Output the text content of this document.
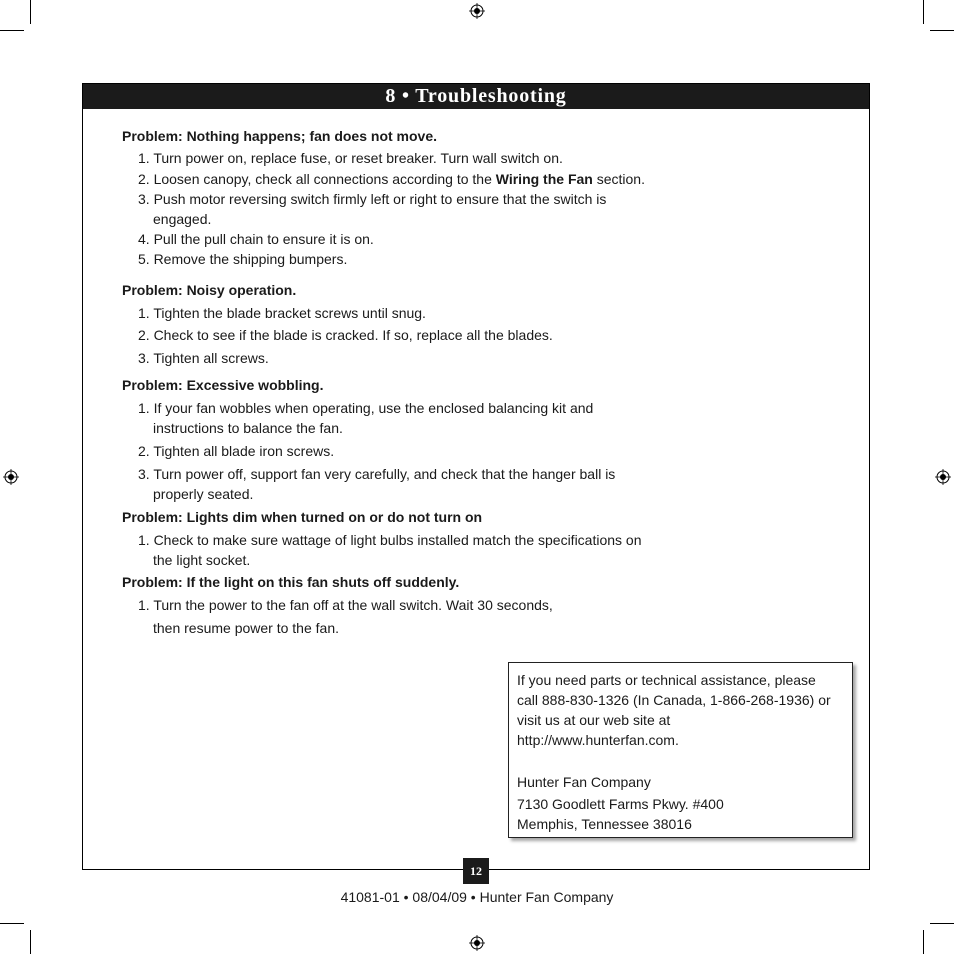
8 • Troubleshooting
Problem: Nothing happens; fan does not move.
1. Turn power on, replace fuse, or reset breaker. Turn wall switch on.
2. Loosen canopy, check all connections according to the Wiring the Fan section.
3. Push motor reversing switch firmly left or right to ensure that the switch is
engaged.
4. Pull the pull chain to ensure it is on.
5. Remove the shipping bumpers.
Problem: Noisy operation.
1. Tighten the blade bracket screws until snug.
2. Check to see if the blade is cracked. If so, replace all the blades.
3. Tighten all screws.
Problem: Excessive wobbling.
1. If your fan wobbles when operating, use the enclosed balancing kit and
instructions to balance the fan.
2. Tighten all blade iron screws.
3. Turn power off, support fan very carefully, and check that the hanger ball is
properly seated.
Problem: Lights dim when turned on or do not turn on
1. Check to make sure wattage of light bulbs installed match the specifications on
the light socket.
Problem: If the light on this fan shuts off suddenly.
1. Turn the power to the fan off at the wall switch. Wait 30 seconds,
then resume power to the fan.
If you need parts or technical assistance, please
call 888-830-1326 (In Canada, 1-866-268-1936) or
visit us at our web site at
http://www.hunterfan.com.
Hunter Fan Company
7130 Goodlett Farms Pkwy. #400
Memphis, Tennessee 38016
12
41081-01 • 08/04/09 • Hunter Fan Company
